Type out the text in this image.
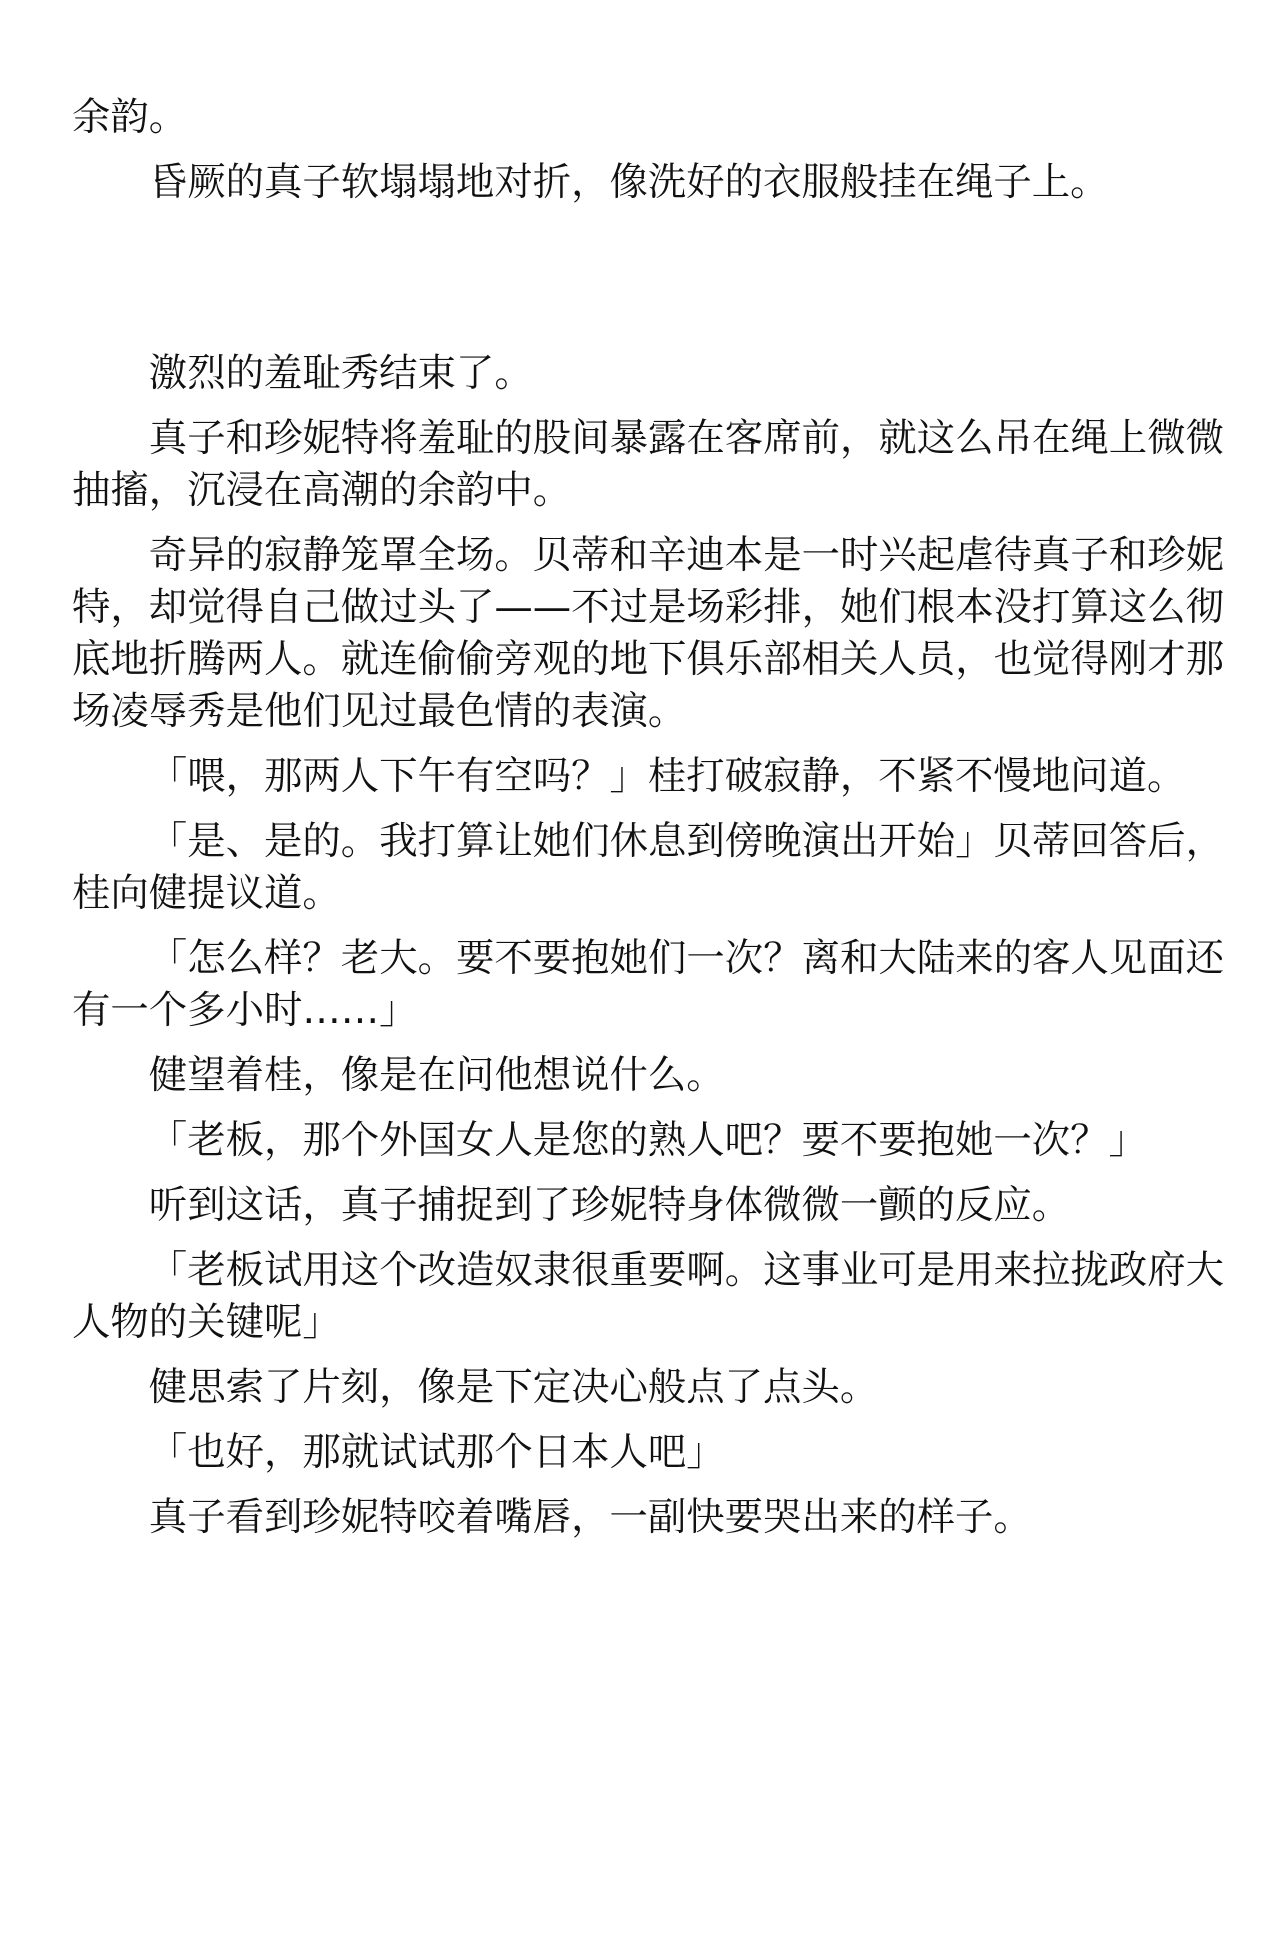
余韵。

昏厥的真子软塌塌地对折，像洗好的衣服般挂在绳子上。

激烈的羞耻秀结束了。

真子和珍妮特将羞耻的股间暴露在客席前，就这么吊在绳上微微抽搐，沉浸在高潮的余韵中。

奇异的寂静笼罩全场。贝蒂和辛迪本是一时兴起虐待真子和珍妮特，却觉得自己做过头了——不过是场彩排，她们根本没打算这么彻底地折腾两人。就连偷偷旁观的地下俱乐部相关人员，也觉得刚才那场凌辱秀是他们见过最色情的表演。

「喂，那两人下午有空吗？」桂打破寂静，不紧不慢地问道。

「是、是的。我打算让她们休息到傍晚演出开始」贝蒂回答后，桂向健提议道。

「怎么样？老大。要不要抱她们一次？离和大陆来的客人见面还有一个多小时……」

健望着桂，像是在问他想说什么。

「老板，那个外国女人是您的熟人吧？要不要抱她一次？」

听到这话，真子捕捉到了珍妮特身体微微一颤的反应。

「老板试用这个改造奴隶很重要啊。这事业可是用来拉拢政府大人物的关键呢」

健思索了片刻，像是下定决心般点了点头。

「也好，那就试试那个日本人吧」

真子看到珍妮特咬着嘴唇，一副快要哭出来的样子。
